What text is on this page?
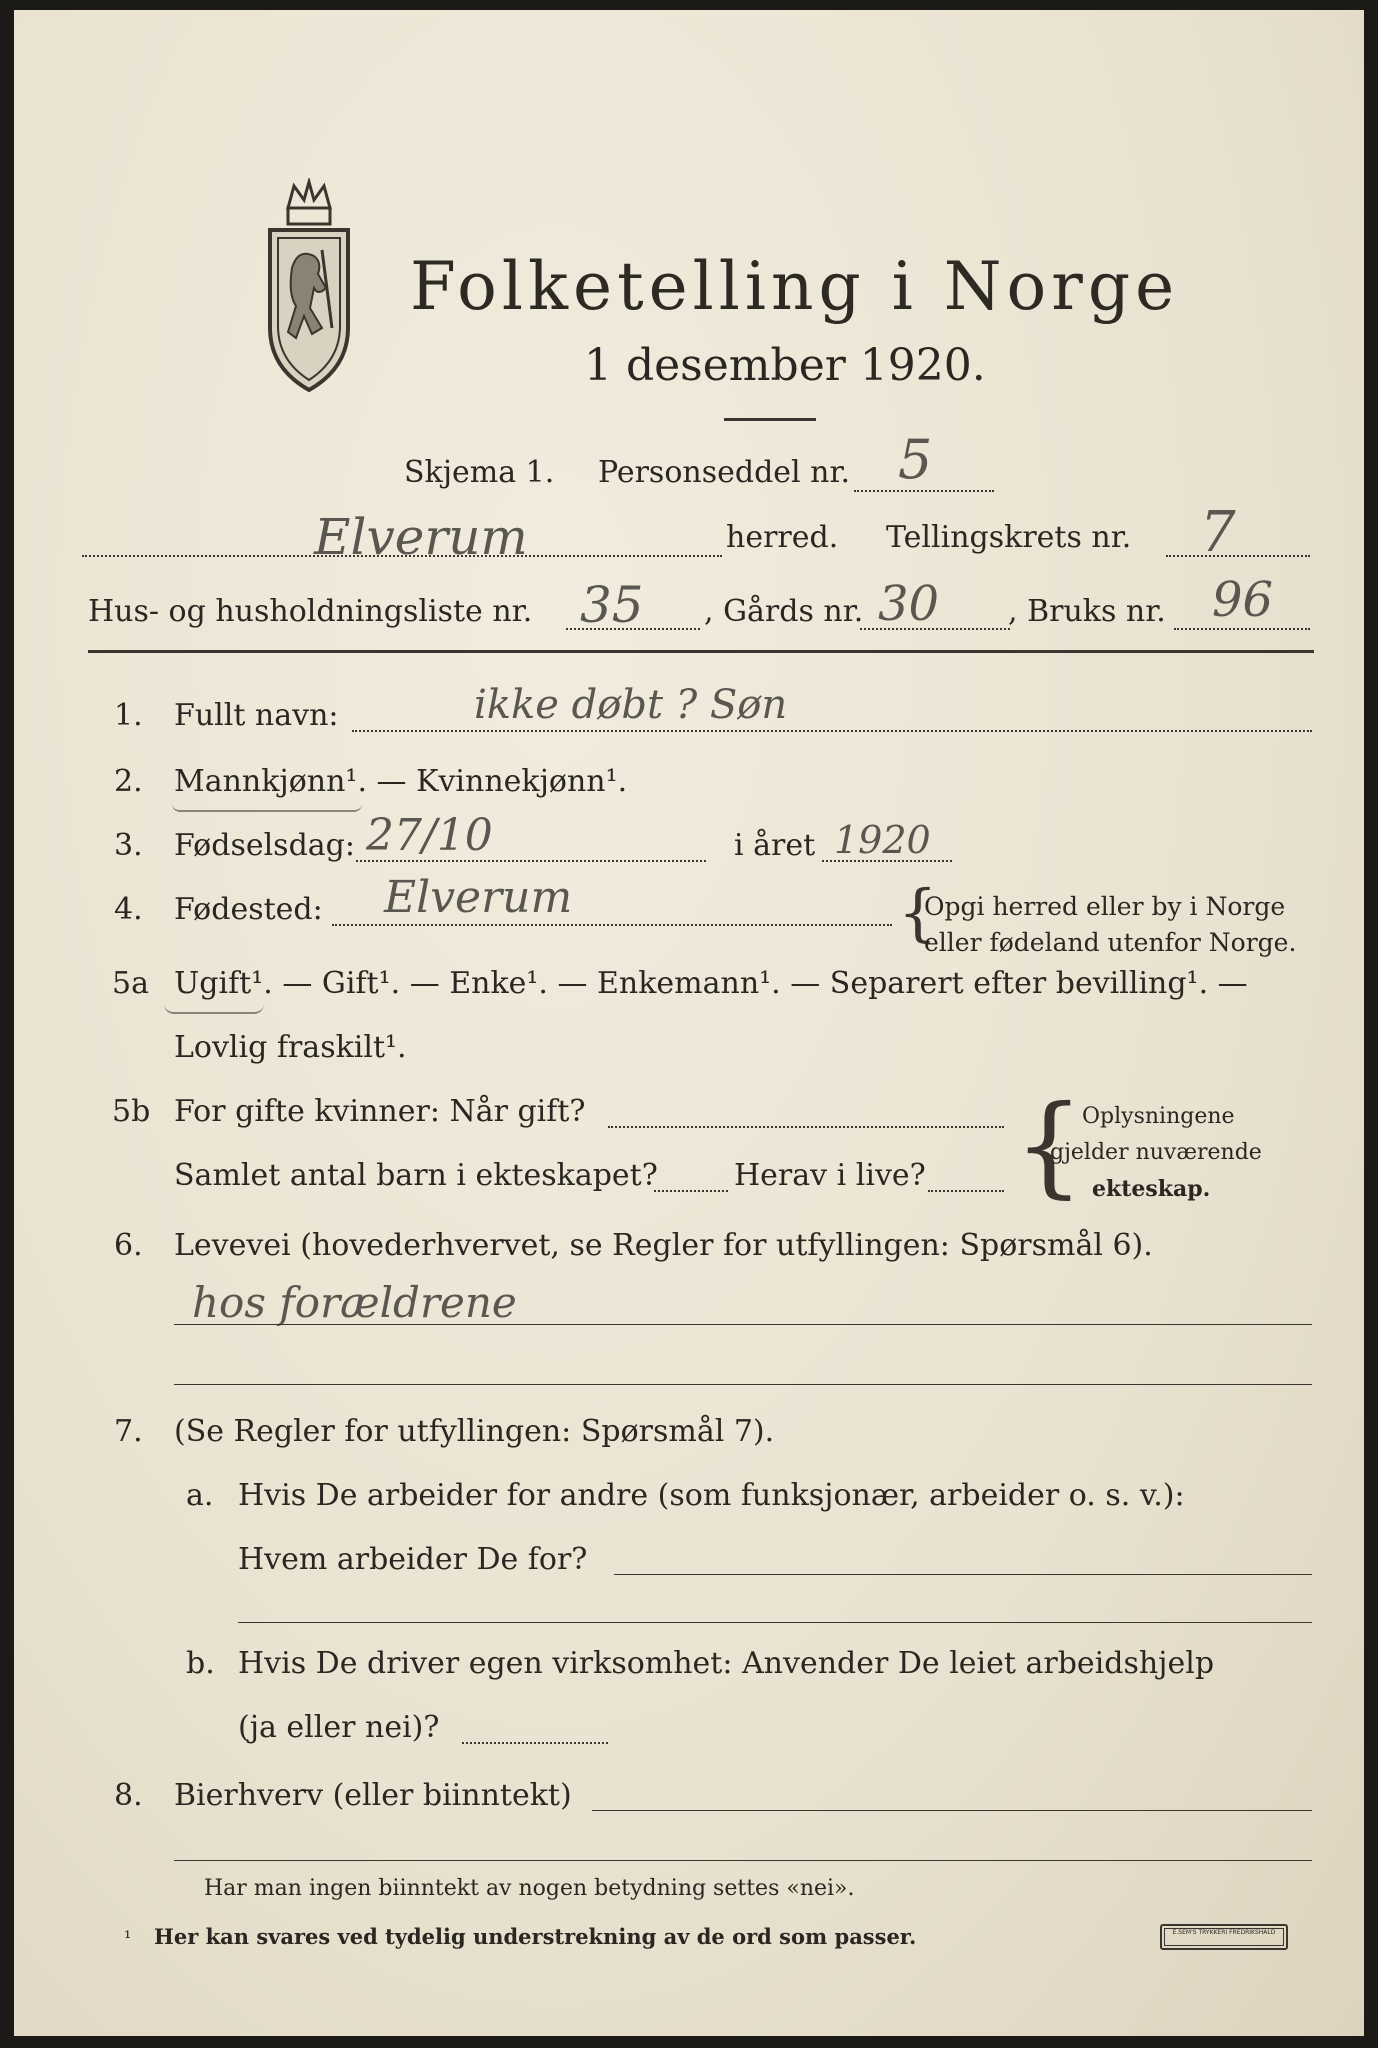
Folketelling i Norge
1 desember 1920.
Skjema 1. Personseddel nr. 5
Elverum	herred. Tellingskrets nr. 7
Hus- og husholdningsliste nr. 35 , Gårds nr. 30 , Bruks nr. 96
1. Fullt navn:	ikke døbt ? Søn
2. Mannkjønn¹. — Kvinnekjønn¹.
3. Fødselsdag: 27/10	i året 1920
4. Fødested: Elverum	{
Opgi herred eller by i Norge
eller fødeland utenfor Norge.
5a Ugift¹. — Gift¹. — Enke¹. — Enkemann¹. — Separert efter bevilling¹. —
Lovlig fraskilt¹.
5b For gifte kvinner: Når gift?
Samlet antal barn i ekteskapet?	Herav i live? {
Oplysningene
gjelder nuværende
ekteskap.
6. Levevei (hovederhvervet, se Regler for utfyllingen: Spørsmål 6).
hos forældrene
7. (Se Regler for utfyllingen: Spørsmål 7).
a. Hvis De arbeider for andre (som funksjonær, arbeider o. s. v.):
Hvem arbeider De for?
b. Hvis De driver egen virksomhet: Anvender De leiet arbeidshjelp
(ja eller nei)?
8. Bierhverv (eller biinntekt)
Har man ingen biinntekt av nogen betydning settes «nei».
¹ Her kan svares ved tydelig understrekning av de ord som passer.	E.SEM'S TRYKKERI FREDRIKSHALD
